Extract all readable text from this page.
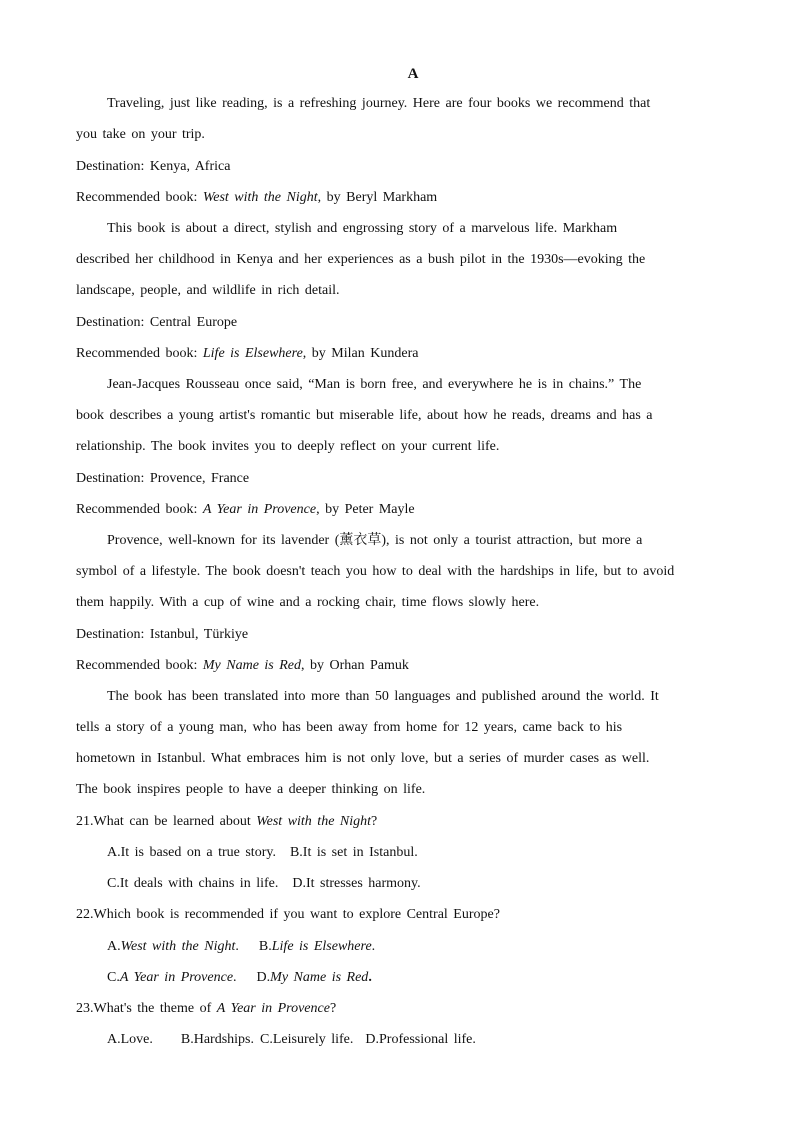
A
Traveling, just like reading, is a refreshing journey. Here are four books we recommend that
you take on your trip.
Destination: Kenya, Africa
Recommended book: West with the Night, by Beryl Markham
This book is about a direct, stylish and engrossing story of a marvelous life. Markham
described her childhood in Kenya and her experiences as a bush pilot in the 1930s—evoking the
landscape, people, and wildlife in rich detail.
Destination: Central Europe
Recommended book: Life is Elsewhere, by Milan Kundera
Jean-Jacques Rousseau once said, “Man is born free, and everywhere he is in chains.” The
book describes a young artist's romantic but miserable life, about how he reads, dreams and has a
relationship. The book invites you to deeply reflect on your current life.
Destination: Provence, France
Recommended book: A Year in Provence, by Peter Mayle
Provence, well-known for its lavender (薰衣草), is not only a tourist attraction, but more a
symbol of a lifestyle. The book doesn't teach you how to deal with the hardships in life, but to avoid
them happily. With a cup of wine and a rocking chair, time flows slowly here.
Destination: Istanbul, Türkiye
Recommended book: My Name is Red, by Orhan Pamuk
The book has been translated into more than 50 languages and published around the world. It
tells a story of a young man, who has been away from home for 12 years, came back to his
hometown in Istanbul. What embraces him is not only love, but a series of murder cases as well.
The book inspires people to have a deeper thinking on life.
21.What can be learned about West with the Night?
A.It is based on a true story. B.It is set in Istanbul.
C.It deals with chains in life. D.It stresses harmony.
22.Which book is recommended if you want to explore Central Europe?
A.West with the Night. B.Life is Elsewhere.
C.A Year in Provence. D.My Name is Red.
23.What's the theme of A Year in Provence?
A.Love. B.Hardships. C.Leisurely life. D.Professional life.
